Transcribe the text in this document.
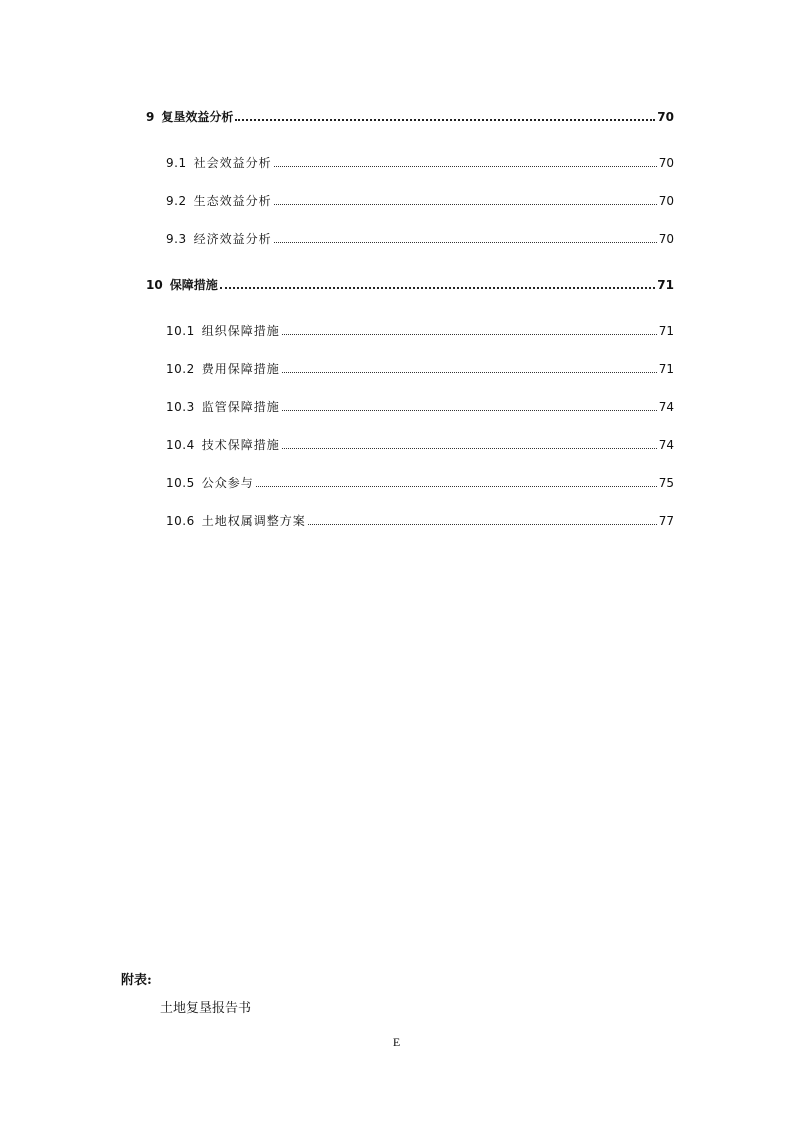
9 复垦效益分析	70
9.1 社会效益分析	70
9.2 生态效益分析	70
9.3 经济效益分析	70
10 保障措施	71
10.1 组织保障措施	71
10.2 费用保障措施	71
10.3 监管保障措施	74
10.4 技术保障措施	74
10.5 公众参与	75
10.6 土地权属调整方案	77
附表:
土地复垦报告书
E
